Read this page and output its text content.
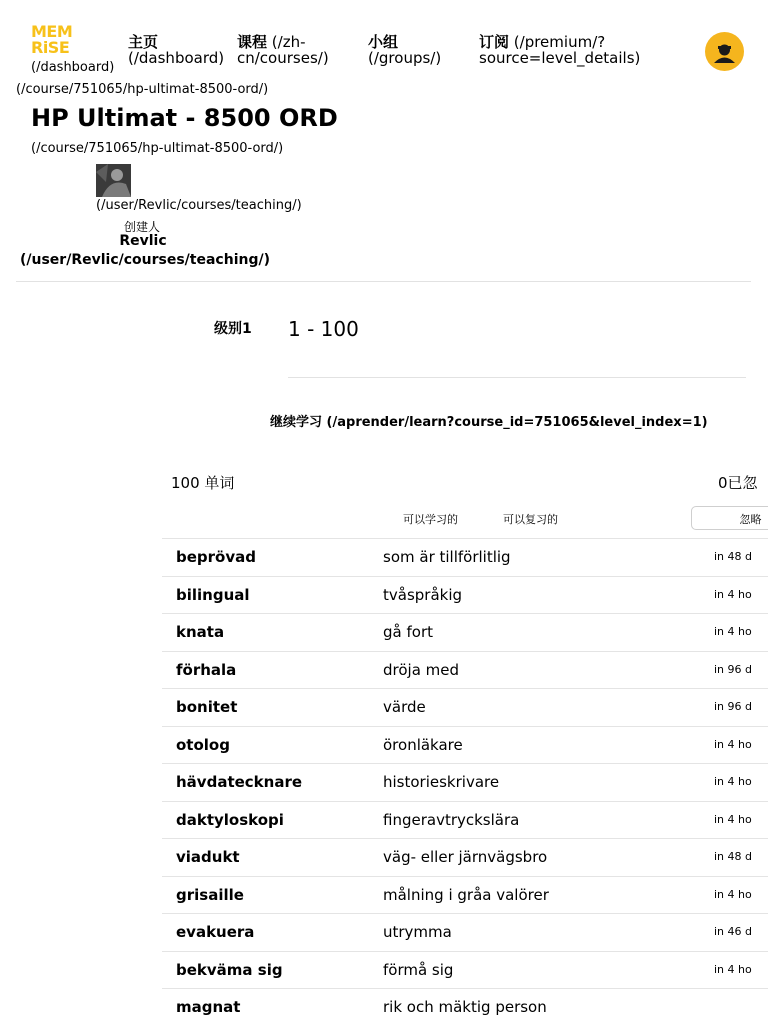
MEM
RiSE
(/dashboard)
(/course/751065/hp-ultimat-8500-ord/)
主页
(/dashboard)
课程 (/zh-cn/courses/)
小组
(/groups/)
订阅 (/premium/?source=level_details)
HP Ultimat - 8500 ORD
(/course/751065/hp-ultimat-8500-ord/)
(/user/Revlic/courses/teaching/)
创建人
Revlic
(/user/Revlic/courses/teaching/)
级别1 1 - 100
继续学习 (/aprender/learn?course_id=751065&level_index=1)
100 单词	0已忽
可以学习的	可以复习的	忽略
beprövad	som är tillförlitlig	in 48 d
bilingual	tvåspråkig	in 4 ho
knata	gå fort	in 4 ho
förhala	dröja med	in 96 d
bonitet	värde	in 96 d
otolog	öronläkare	in 4 ho
hävdatecknare	historieskrivare	in 4 ho
daktyloskopi	fingeravtryckslära	in 4 ho
viadukt	väg- eller järnvägsbro	in 48 d
grisaille	målning i gråa valörer	in 4 ho
evakuera	utrymma	in 46 d
bekväma sig	förmå sig	in 4 ho
magnat	rik och mäktig person
